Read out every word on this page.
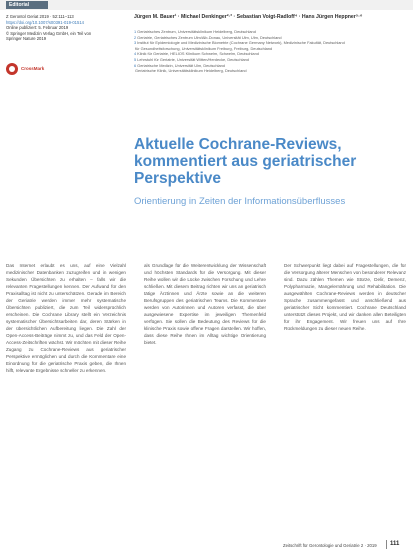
Editorial
Z Gerontol Geriat 2019 · 52:111–113
https://doi.org/10.1007/s00391-019-01514
Online publiziert: 5. Februar 2019
© Springer Medizin Verlag GmbH, ein Teil von
Springer Nature 2019
CrossMark
Jürgen M. Bauer¹ · Michael Denkinger²·³ · Sebastian Voigt-Radloff⁴ · Hans Jürgen Heppner⁵·⁶
1Geriatrisches Zentrum, Universitätsklinikum Heidelberg, Deutschland
2Geriatrie, Geriatrisches Zentrum Ulm/Alb-Donau, Universität Ulm, Ulm, Deutschland
3Institut für Epidemiologie und Medizinische Biometrie (Cochrane Germany Network), Medizinische Fakultät, Deutschland
für Gesundheitsforschung, Universitätsklinikum Freiburg, Freiburg, Deutschland
4Klinik für Geriatrie, HELIOS Klinikum Schwelm, Schwelm, Deutschland
5Lehrstuhl für Geriatrie, Universität Witten/Herdecke, Deutschland
6Geriatrische Medizin, Universität Ulm, Deutschland
Geriatrische Klinik, Universitätsklinikum Heidelberg, Deutschland
Aktuelle Cochrane-Reviews, kommentiert aus geriatrischer Perspektive
Orientierung in Zeiten der Informationsüberflusses

Das Internet erlaubt es uns, auf eine Vielzahl medizinischer Datenbanken zuzugreifen und in wenigen Sekunden Übersichten zu erhalten – falls wir die relevanten Fragestellungen kennen. Der Aufwand für den Praxisalltag ist nicht zu unterschätzen. Gerade im Bereich der Geriatrie werden immer mehr systematische Übersichten publiziert, die zum Teil widersprüchlich erscheinen. Die Cochrane Library stellt ein Verzeichnis systematischer Übersichtsarbeiten dar, deren Stärken in der übersichtlichen Aufbereitung liegen. Die Zahl der Open-Access-Beiträge nimmt zu, und das Feld der Open-Access-Zeitschriften wächst. Wir möchten mit dieser Reihe Zugang zu Cochrane-Reviews aus geriatrischer Perspektive ermöglichen und durch die Kommentare eine Einordnung für die geriatrische Praxis geben, die Ihnen hilft, relevante Ergebnisse schneller zu erkennen.

als Grundlage für die Weiterentwicklung der Wissenschaft und höchsten Standards für die Versorgung. Mit dieser Reihe wollen wir die Lücke zwischen Forschung und Lehre schließen. Mit diesem Beitrag richten wir uns an geriatrisch tätige Ärztinnen und Ärzte sowie an die weiteren Berufsgruppen des geriatrischen Teams. Die Kommentare werden von Autorinnen und Autoren verfasst, die über ausgewiesene Expertise im jeweiligen Themenfeld verfügen. Sie sollen die Bedeutung des Reviews für die klinische Praxis sowie offene Fragen darstellen. Wir hoffen, dass diese Reihe Ihnen im Alltag wichtige Orientierung bietet.

Der Schwerpunkt liegt dabei auf Fragestellungen, die für die Versorgung älterer Menschen von besonderer Relevanz sind. Dazu zählen Themen wie Stürze, Delir, Demenz, Polypharmazie, Mangelernährung und Rehabilitation. Die ausgewählten Cochrane-Reviews werden in deutscher Sprache zusammengefasst und anschließend aus geriatrischer Sicht kommentiert. Cochrane Deutschland unterstützt dieses Projekt, und wir danken allen Beteiligten für ihr Engagement. Wir freuen uns auf Ihre Rückmeldungen zu dieser neuen Reihe.

Zeitschrift für Gerontologie und Geriatrie 2 · 2019 111
